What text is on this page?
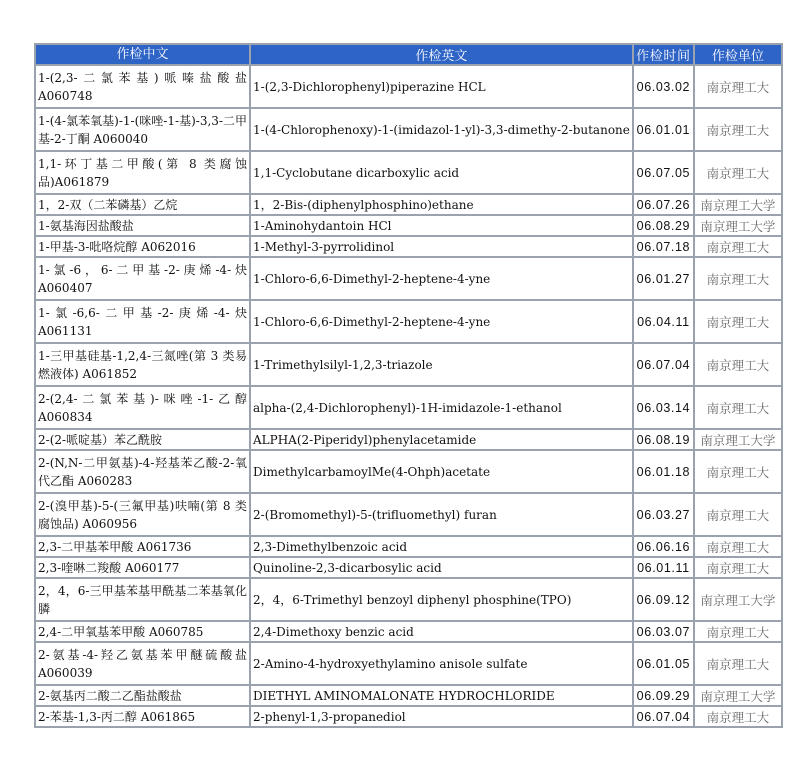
作检中文	作检英文	作检时间	作检单位
1-(2,3-二氯苯基)哌嗪盐酸盐 A060748	1-(2,3-Dichlorophenyl)piperazine HCL	06.03.02	南京理工大
1-(4-氯苯氧基)-1-(咪唑-1-基)-3,3-二甲基-2-丁酮 A060040	1-(4-Chlorophenoxy)-1-(imidazol-1-yl)-3,3-dimethy-2-butanone	06.01.01	南京理工大
1,1-环丁基二甲酸(第 8 类腐蚀品)A061879	1,1-Cyclobutane dicarboxylic acid	06.07.05	南京理工大
1，2-双（二苯磷基）乙烷	1，2-Bis-(diphenylphosphino)ethane	06.07.26	南京理工大学
1-氨基海因盐酸盐	1-Aminohydantoin HCl	06.08.29	南京理工大学
1-甲基-3-吡咯烷醇 A062016	1-Methyl-3-pyrrolidinol	06.07.18	南京理工大
1-氯-6，6-二甲基-2-庚烯-4-炔 A060407	1-Chloro-6,6-Dimethyl-2-heptene-4-yne	06.01.27	南京理工大
1-氯-6,6-二甲基-2-庚烯-4-炔 A061131	1-Chloro-6,6-Dimethyl-2-heptene-4-yne	06.04.11	南京理工大
1-三甲基硅基-1,2,4-三氮唑(第 3 类易燃液体) A061852	1-Trimethylsilyl-1,2,3-triazole	06.07.04	南京理工大
2-(2,4-二氯苯基)-咪唑-1-乙醇 A060834	alpha-(2,4-Dichlorophenyl)-1H-imidazole-1-ethanol	06.03.14	南京理工大
2-(2-哌啶基）苯乙酰胺	ALPHA(2-Piperidyl)phenylacetamide	06.08.19	南京理工大学
2-(N,N-二甲氨基)-4-羟基苯乙酸-2-氧代乙酯 A060283	DimethylcarbamoylMe(4-Ohph)acetate	06.01.18	南京理工大
2-(溴甲基)-5-(三氟甲基)呋喃(第 8 类腐蚀品) A060956	2-(Bromomethyl)-5-(trifluomethyl) furan	06.03.27	南京理工大
2,3-二甲基苯甲酸 A061736	2,3-Dimethylbenzoic acid	06.06.16	南京理工大
2,3-喹啉二羧酸 A060177	Quinoline-2,3-dicarbosylic acid	06.01.11	南京理工大
2，4，6-三甲基苯基甲酰基二苯基氧化膦	2，4，6-Trimethyl benzoyl diphenyl phosphine(TPO)	06.09.12	南京理工大学
2,4-二甲氧基苯甲酸 A060785	2,4-Dimethoxy benzic acid	06.03.07	南京理工大
2-氨基-4-羟乙氨基苯甲醚硫酸盐 A060039	2-Amino-4-hydroxyethylamino anisole sulfate	06.01.05	南京理工大
2-氨基丙二酸二乙酯盐酸盐	DIETHYL AMINOMALONATE HYDROCHLORIDE	06.09.29	南京理工大学
2-苯基-1,3-丙二醇 A061865	2-phenyl-1,3-propanediol	06.07.04	南京理工大
